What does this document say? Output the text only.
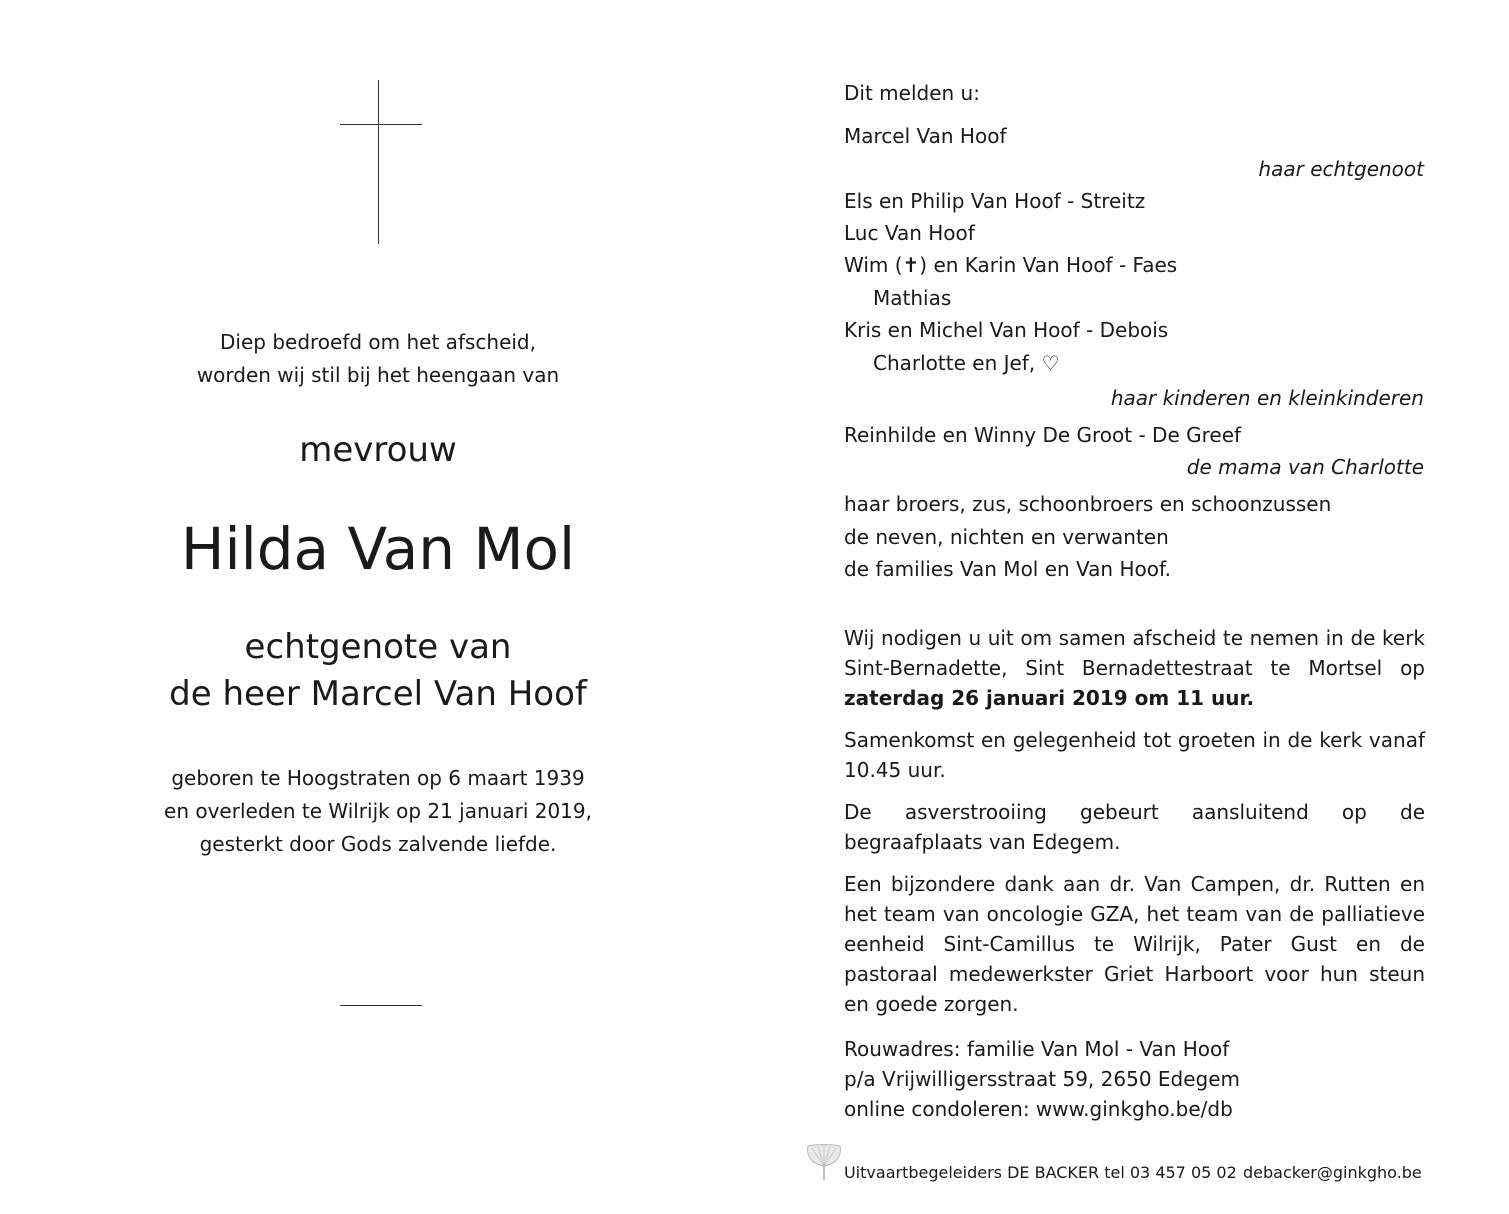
Diep bedroefd om het afscheid,
worden wij stil bij het heengaan van
mevrouw
Hilda Van Mol
echtgenote van
de heer Marcel Van Hoof
geboren te Hoogstraten op 6 maart 1939
en overleden te Wilrijk op 21 januari 2019,
gesterkt door Gods zalvende liefde.
Dit melden u:
Marcel Van Hoof
haar echtgenoot
Els en Philip Van Hoof - Streitz
Luc Van Hoof
Wim (✝) en Karin Van Hoof - Faes
Mathias
Kris en Michel Van Hoof - Debois
Charlotte en Jef, ♡
haar kinderen en kleinkinderen
Reinhilde en Winny De Groot - De Greef
de mama van Charlotte
haar broers, zus, schoonbroers en schoonzussen
de neven, nichten en verwanten
de families Van Mol en Van Hoof.
Wij nodigen u uit om samen afscheid te nemen in de kerk Sint-Bernadette, Sint Bernadettestraat te Mortsel op zaterdag 26 januari 2019 om 11 uur.
Samenkomst en gelegenheid tot groeten in de kerk vanaf 10.45 uur.
De asverstrooiing gebeurt aansluitend op de begraafplaats van Edegem.
Een bijzondere dank aan dr. Van Campen, dr. Rutten en het team van oncologie GZA, het team van de palliatieve eenheid Sint-Camillus te Wilrijk, Pater Gust en de pastoraal medewerkster Griet Harboort voor hun steun en goede zorgen.
Rouwadres: familie Van Mol - Van Hoof
p/a Vrijwilligersstraat 59, 2650 Edegem
online condoleren: www.ginkgho.be/db
Uitvaartbegeleiders DE BACKER tel 03 457 05 02 debacker@ginkgho.be
